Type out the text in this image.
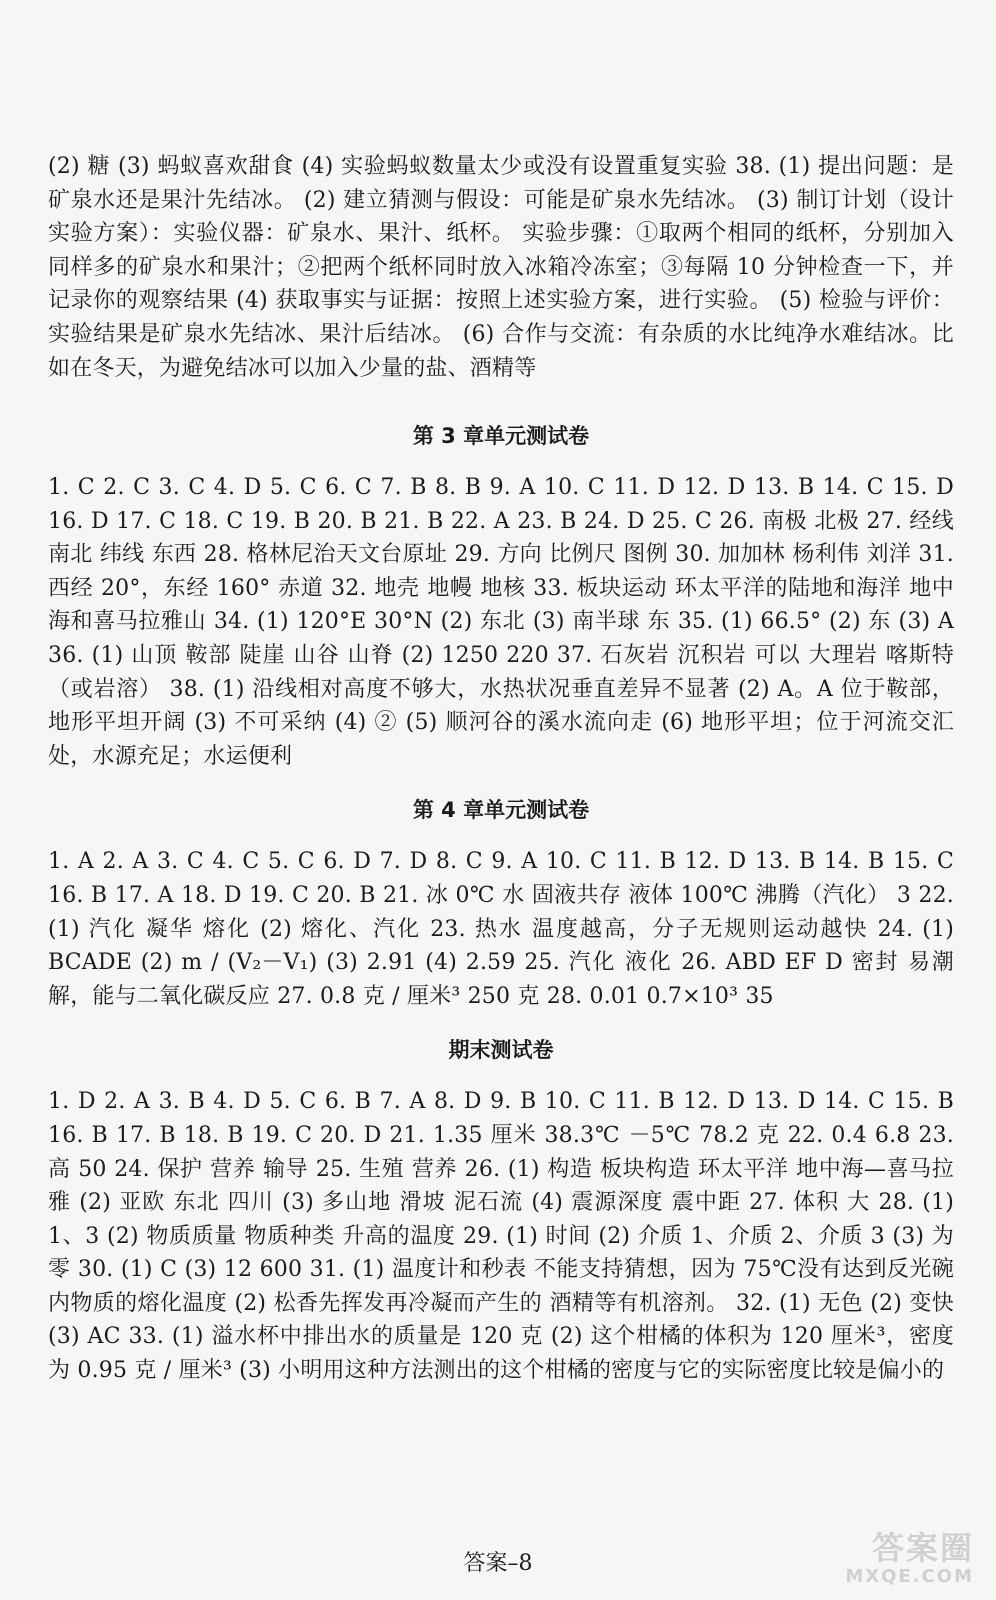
(2) 糖 (3) 蚂蚁喜欢甜食 (4) 实验蚂蚁数量太少或没有设置重复实验 38. (1) 提出问题：是矿泉水还是果汁先结冰。 (2) 建立猜测与假设：可能是矿泉水先结冰。 (3) 制订计划（设计实验方案）：实验仪器：矿泉水、果汁、纸杯。 实验步骤：①取两个相同的纸杯，分别加入同样多的矿泉水和果汁；②把两个纸杯同时放入冰箱冷冻室；③每隔 10 分钟检查一下，并记录你的观察结果 (4) 获取事实与证据：按照上述实验方案，进行实验。 (5) 检验与评价：实验结果是矿泉水先结冰、果汁后结冰。 (6) 合作与交流：有杂质的水比纯净水难结冰。比如在冬天，为避免结冰可以加入少量的盐、酒精等

第 3 章单元测试卷

1. C 2. C 3. C 4. D 5. C 6. C 7. B 8. B 9. A 10. C 11. D 12. D 13. B 14. C 15. D 16. D 17. C 18. C 19. B 20. B 21. B 22. A 23. B 24. D 25. C 26. 南极 北极 27. 经线 南北 纬线 东西 28. 格林尼治天文台原址 29. 方向 比例尺 图例 30. 加加林 杨利伟 刘洋 31. 西经 20°，东经 160° 赤道 32. 地壳 地幔 地核 33. 板块运动 环太平洋的陆地和海洋 地中海和喜马拉雅山 34. (1) 120°E 30°N (2) 东北 (3) 南半球 东 35. (1) 66.5° (2) 东 (3) A 36. (1) 山顶 鞍部 陡崖 山谷 山脊 (2) 1250 220 37. 石灰岩 沉积岩 可以 大理岩 喀斯特（或岩溶） 38. (1) 沿线相对高度不够大，水热状况垂直差异不显著 (2) A。A 位于鞍部，地形平坦开阔 (3) 不可采纳 (4) ② (5) 顺河谷的溪水流向走 (6) 地形平坦；位于河流交汇处，水源充足；水运便利

第 4 章单元测试卷

1. A 2. A 3. C 4. C 5. C 6. D 7. D 8. C 9. A 10. C 11. B 12. D 13. B 14. B 15. C 16. B 17. A 18. D 19. C 20. B 21. 冰 0℃ 水 固液共存 液体 100℃ 沸腾（汽化） 3 22. (1) 汽化 凝华 熔化 (2) 熔化、汽化 23. 热水 温度越高，分子无规则运动越快 24. (1) BCADE (2) m / (V₂－V₁) (3) 2.91 (4) 2.59 25. 汽化 液化 26. ABD EF D 密封 易潮解，能与二氧化碳反应 27. 0.8 克 / 厘米³ 250 克 28. 0.01 0.7×10³ 35

期末测试卷

1. D 2. A 3. B 4. D 5. C 6. B 7. A 8. D 9. B 10. C 11. B 12. D 13. D 14. C 15. B 16. B 17. B 18. B 19. C 20. D 21. 1.35 厘米 38.3℃ －5℃ 78.2 克 22. 0.4 6.8 23. 高 50 24. 保护 营养 输导 25. 生殖 营养 26. (1) 构造 板块构造 环太平洋 地中海—喜马拉雅 (2) 亚欧 东北 四川 (3) 多山地 滑坡 泥石流 (4) 震源深度 震中距 27. 体积 大 28. (1) 1、3 (2) 物质质量 物质种类 升高的温度 29. (1) 时间 (2) 介质 1、介质 2、介质 3 (3) 为零 30. (1) C (3) 12 600 31. (1) 温度计和秒表 不能支持猜想，因为 75℃没有达到反光碗内物质的熔化温度 (2) 松香先挥发再冷凝而产生的 酒精等有机溶剂。 32. (1) 无色 (2) 变快 (3) AC 33. (1) 溢水杯中排出水的质量是 120 克 (2) 这个柑橘的体积为 120 厘米³，密度为 0.95 克 / 厘米³ (3) 小明用这种方法测出的这个柑橘的密度与它的实际密度比较是偏小的

答案–8	答案圈
MXQE.COM
